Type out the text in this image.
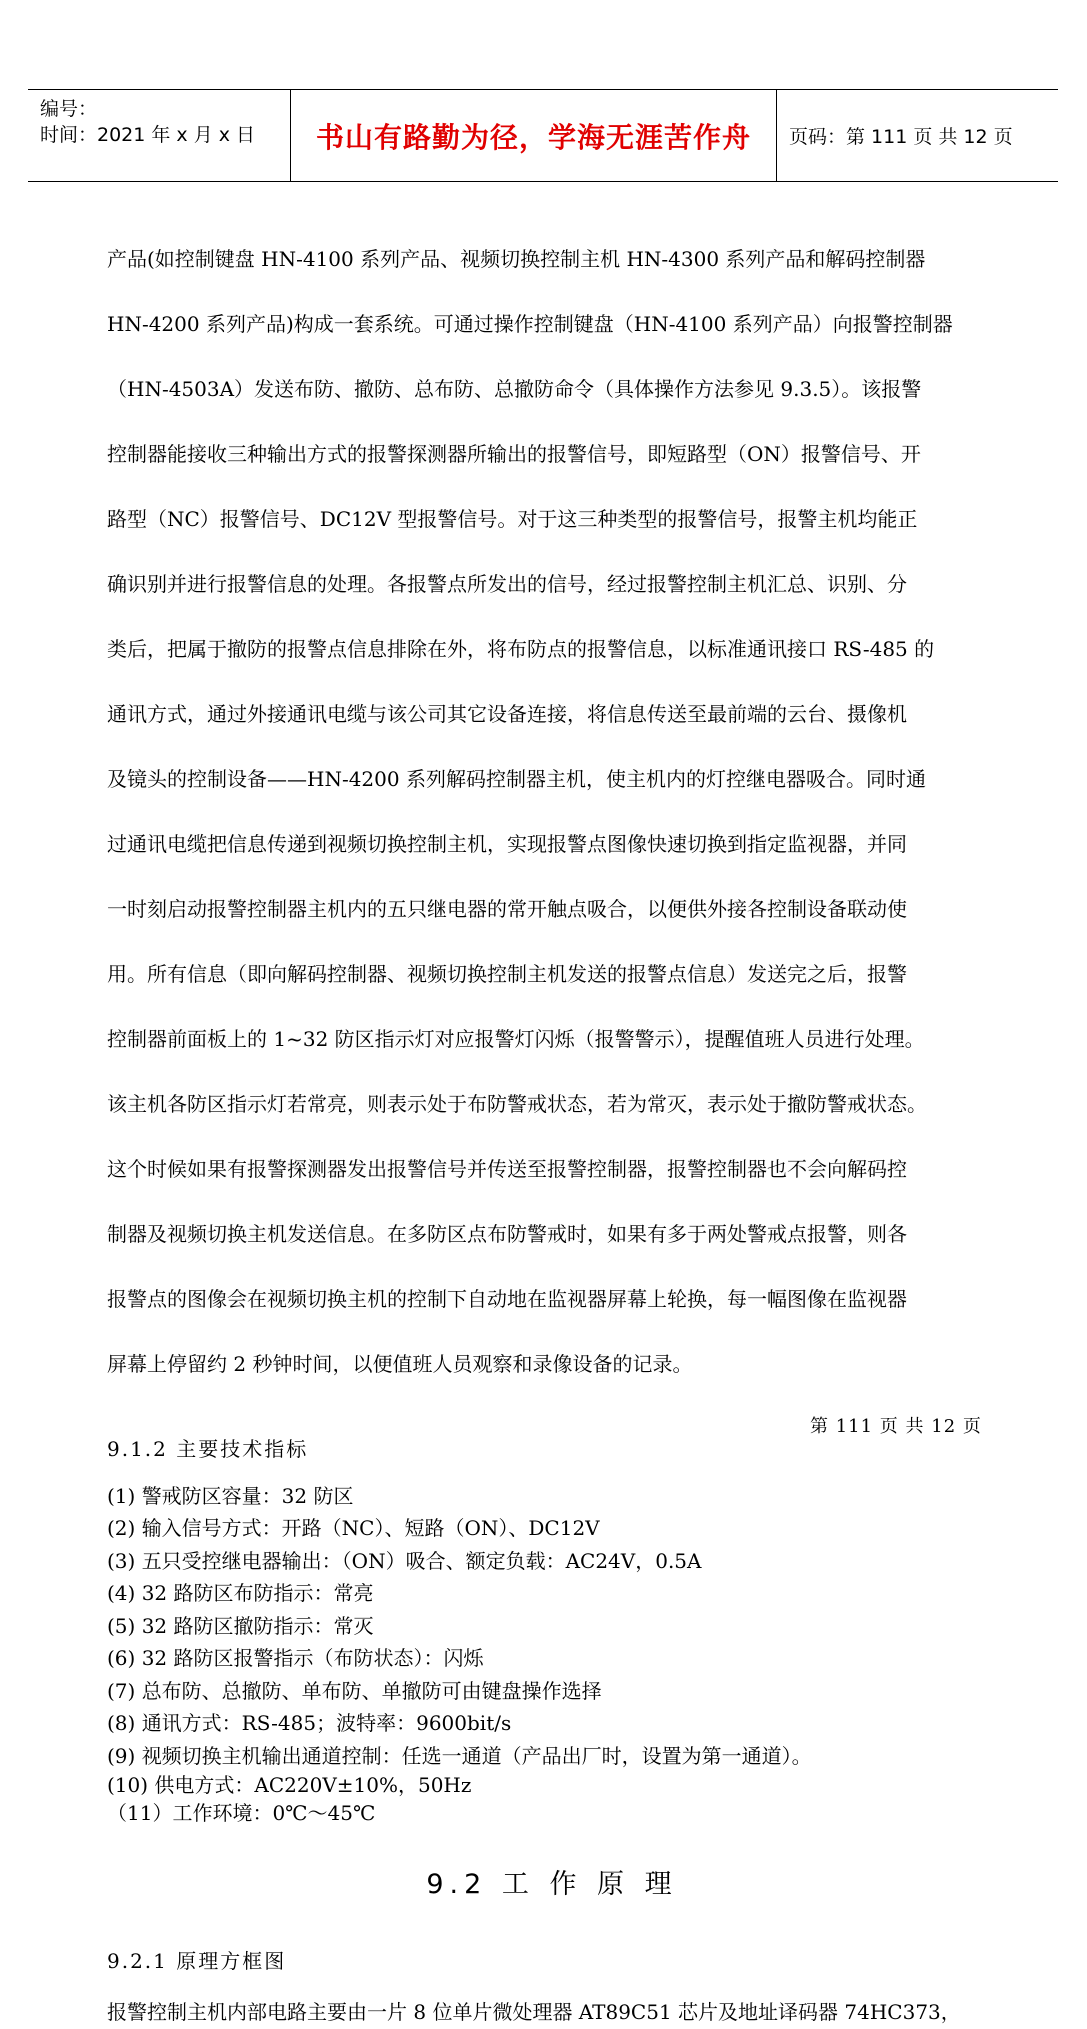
编号：
时间：2021 年 x 月 x 日 书山有路勤为径，学海无涯苦作舟 页码：第 111 页 共 12 页

产品(如控制键盘 HN-4100 系列产品、视频切换控制主机 HN-4300 系列产品和解码控制器

HN-4200 系列产品)构成一套系统。可通过操作控制键盘（HN-4100 系列产品）向报警控制器

（HN-4503A）发送布防、撤防、总布防、总撤防命令（具体操作方法参见 9.3.5）。该报警

控制器能接收三种输出方式的报警探测器所输出的报警信号，即短路型（ON）报警信号、开

路型（NC）报警信号、DC12V 型报警信号。对于这三种类型的报警信号，报警主机均能正

确识别并进行报警信息的处理。各报警点所发出的信号，经过报警控制主机汇总、识别、分

类后，把属于撤防的报警点信息排除在外，将布防点的报警信息，以标准通讯接口 RS-485 的

通讯方式，通过外接通讯电缆与该公司其它设备连接，将信息传送至最前端的云台、摄像机

及镜头的控制设备——HN-4200 系列解码控制器主机，使主机内的灯控继电器吸合。同时通

过通讯电缆把信息传递到视频切换控制主机，实现报警点图像快速切换到指定监视器，并同

一时刻启动报警控制器主机内的五只继电器的常开触点吸合，以便供外接各控制设备联动使

用。所有信息（即向解码控制器、视频切换控制主机发送的报警点信息）发送完之后，报警

控制器前面板上的 1~32 防区指示灯对应报警灯闪烁（报警警示），提醒值班人员进行处理。

该主机各防区指示灯若常亮，则表示处于布防警戒状态，若为常灭，表示处于撤防警戒状态。

这个时候如果有报警探测器发出报警信号并传送至报警控制器，报警控制器也不会向解码控

制器及视频切换主机发送信息。在多防区点布防警戒时，如果有多于两处警戒点报警，则各

报警点的图像会在视频切换主机的控制下自动地在监视器屏幕上轮换，每一幅图像在监视器

屏幕上停留约 2 秒钟时间，以便值班人员观察和录像设备的记录。

9.1.2 主要技术指标
(1) 警戒防区容量：32 防区
(2) 输入信号方式：开路（NC）、短路（ON）、DC12V
(3) 五只受控继电器输出：（ON）吸合、额定负载：AC24V，0.5A
(4) 32 路防区布防指示：常亮
(5) 32 路防区撤防指示：常灭
(6) 32 路防区报警指示（布防状态）：闪烁
(7) 总布防、总撤防、单布防、单撤防可由键盘操作选择
(8) 通讯方式：RS-485；波特率：9600bit/s
(9) 视频切换主机输出通道控制：任选一通道（产品出厂时，设置为第一通道）。
(10) 供电方式：AC220V±10%，50Hz
（11）工作环境：0℃～45℃
9.2 工 作 原 理
9.2.1 原理方框图
报警控制主机内部电路主要由一片 8 位单片微处理器 AT89C51 芯片及地址译码器 74HC373，
第 111 页 共 12 页
